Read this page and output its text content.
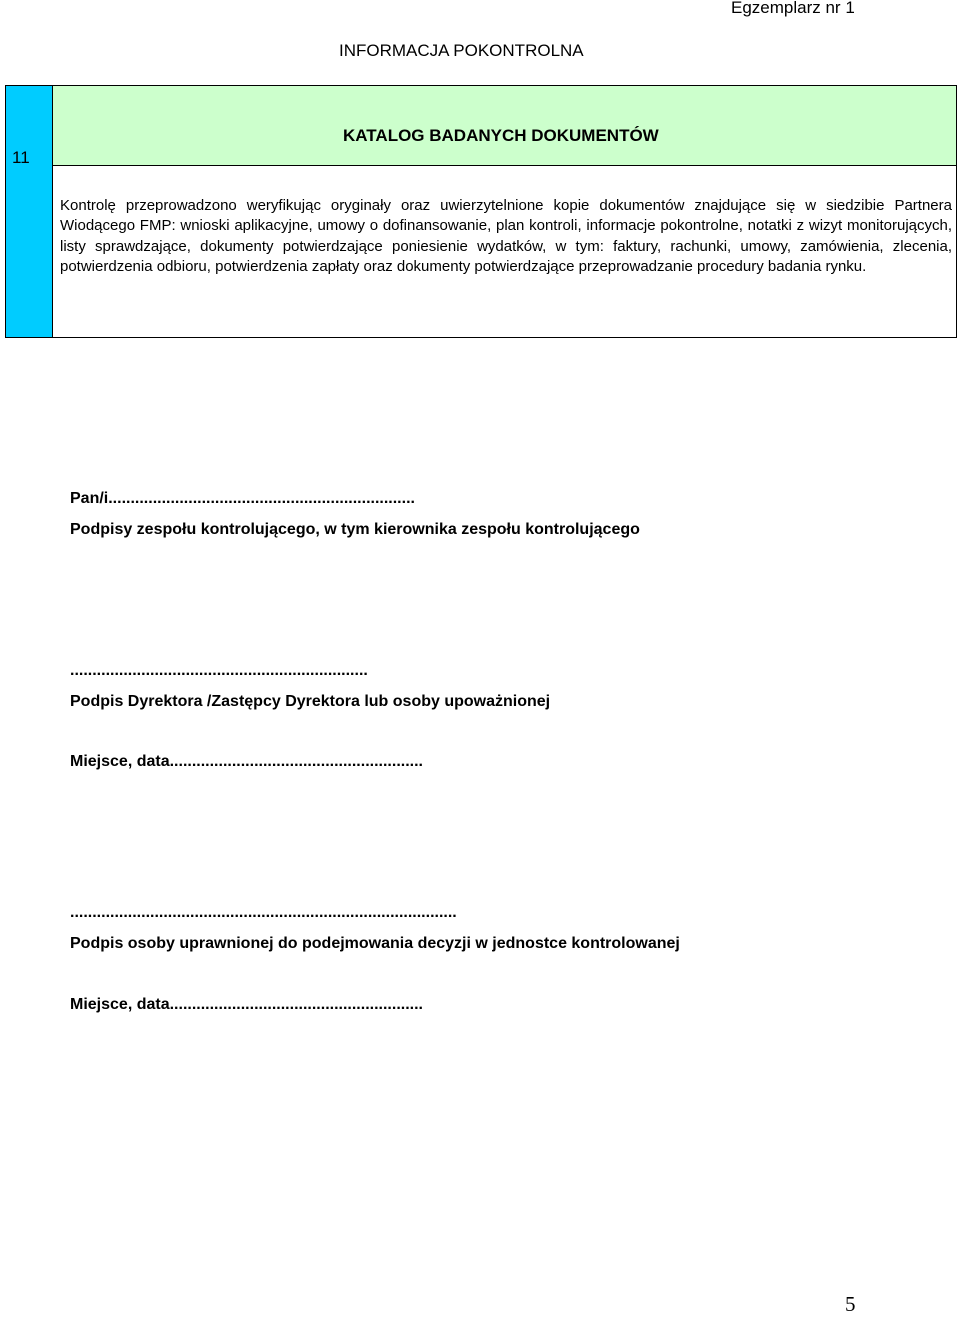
Egzemplarz nr 1
INFORMACJA POKONTROLNA
11
KATALOG BADANYCH DOKUMENTÓW

Kontrolę przeprowadzono weryfikując oryginały oraz uwierzytelnione kopie dokumentów znajdujące się w siedzibie Partnera Wiodącego FMP: wnioski aplikacyjne, umowy o dofinansowanie, plan kontroli, informacje pokontrolne, notatki z wizyt monitorujących, listy sprawdzające, dokumenty potwierdzające poniesienie wydatków, w tym: faktury, rachunki, umowy, zamówienia, zlecenia, potwierdzenia odbioru, potwierdzenia zapłaty oraz dokumenty potwierdzające przeprowadzanie procedury badania rynku.

Pan/i.....................................................................
Podpisy zespołu kontrolującego, w tym kierownika zespołu kontrolującego
...................................................................
Podpis Dyrektora /Zastępcy Dyrektora lub osoby upoważnionej
Miejsce, data.........................................................
.......................................................................................
Podpis osoby uprawnionej do podejmowania decyzji w jednostce kontrolowanej
Miejsce, data.........................................................
5
